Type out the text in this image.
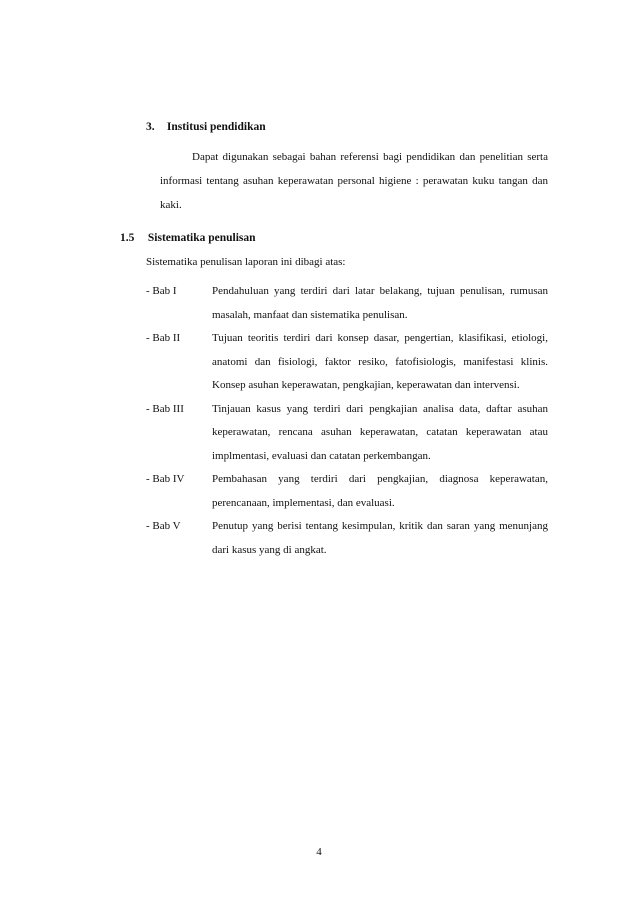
3. Institusi pendidikan
Dapat digunakan sebagai bahan referensi bagi pendidikan dan penelitian serta informasi tentang asuhan keperawatan personal higiene : perawatan kuku tangan dan kaki.
1.5 Sistematika penulisan
Sistematika penulisan laporan ini dibagi atas:
- Bab I	Pendahuluan yang terdiri dari latar belakang, tujuan penulisan, rumusan masalah, manfaat dan sistematika penulisan.
- Bab II	Tujuan teoritis terdiri dari konsep dasar, pengertian, klasifikasi, etiologi, anatomi dan fisiologi, faktor resiko, fatofisiologis, manifestasi klinis. Konsep asuhan keperawatan, pengkajian, keperawatan dan intervensi.
- Bab III	Tinjauan kasus yang terdiri dari pengkajian analisa data, daftar asuhan keperawatan, rencana asuhan keperawatan, catatan keperawatan atau implmentasi, evaluasi dan catatan perkembangan.
- Bab IV	Pembahasan yang terdiri dari pengkajian, diagnosa keperawatan, perencanaan, implementasi, dan evaluasi.
- Bab V	Penutup yang berisi tentang kesimpulan, kritik dan saran yang menunjang dari kasus yang di angkat.
4
